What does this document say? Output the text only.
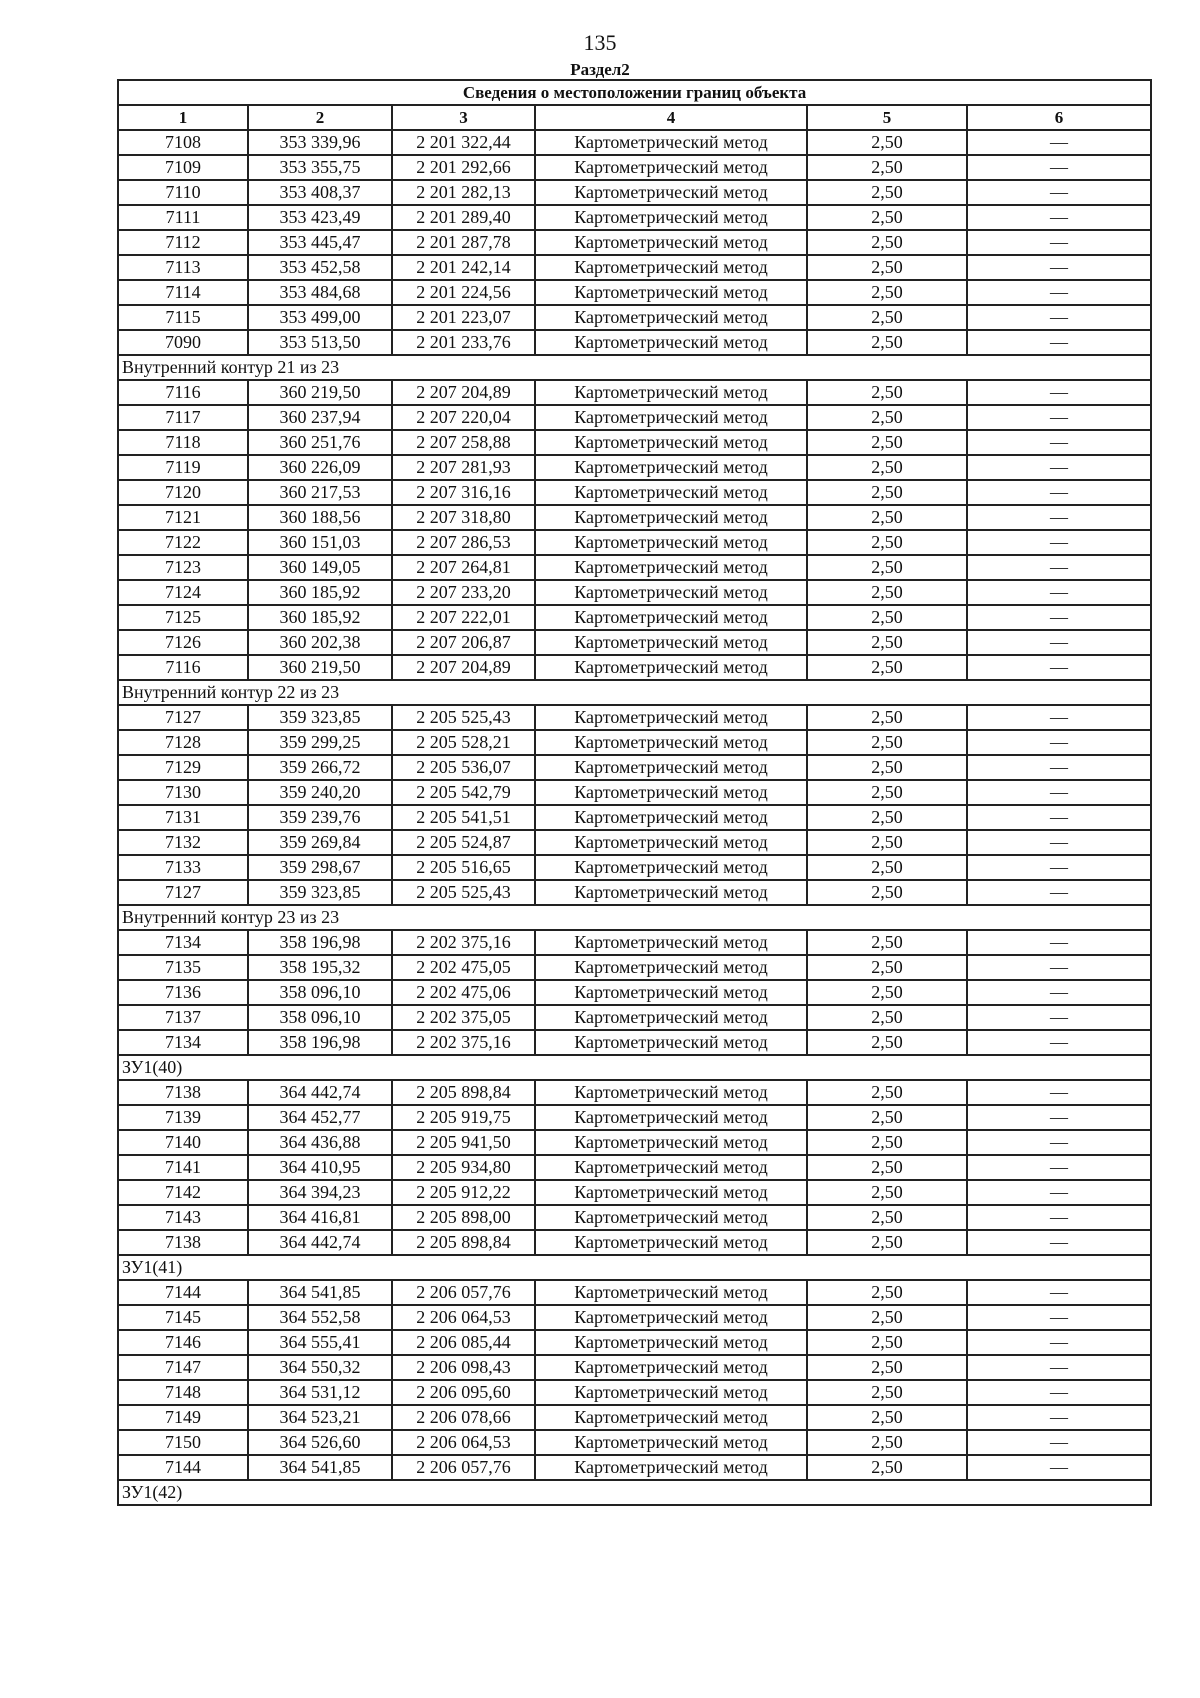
135
Раздел2
Сведения о местоположении границ объекта					
1	2	3	4	5	6
7108	353 339,96	2 201 322,44	Картометрический метод	2,50	—
7109	353 355,75	2 201 292,66	Картометрический метод	2,50	—
7110	353 408,37	2 201 282,13	Картометрический метод	2,50	—
7111	353 423,49	2 201 289,40	Картометрический метод	2,50	—
7112	353 445,47	2 201 287,78	Картометрический метод	2,50	—
7113	353 452,58	2 201 242,14	Картометрический метод	2,50	—
7114	353 484,68	2 201 224,56	Картометрический метод	2,50	—
7115	353 499,00	2 201 223,07	Картометрический метод	2,50	—
7090	353 513,50	2 201 233,76	Картометрический метод	2,50	—
Внутренний контур 21 из 23					
7116	360 219,50	2 207 204,89	Картометрический метод	2,50	—
7117	360 237,94	2 207 220,04	Картометрический метод	2,50	—
7118	360 251,76	2 207 258,88	Картометрический метод	2,50	—
7119	360 226,09	2 207 281,93	Картометрический метод	2,50	—
7120	360 217,53	2 207 316,16	Картометрический метод	2,50	—
7121	360 188,56	2 207 318,80	Картометрический метод	2,50	—
7122	360 151,03	2 207 286,53	Картометрический метод	2,50	—
7123	360 149,05	2 207 264,81	Картометрический метод	2,50	—
7124	360 185,92	2 207 233,20	Картометрический метод	2,50	—
7125	360 185,92	2 207 222,01	Картометрический метод	2,50	—
7126	360 202,38	2 207 206,87	Картометрический метод	2,50	—
7116	360 219,50	2 207 204,89	Картометрический метод	2,50	—
Внутренний контур 22 из 23					
7127	359 323,85	2 205 525,43	Картометрический метод	2,50	—
7128	359 299,25	2 205 528,21	Картометрический метод	2,50	—
7129	359 266,72	2 205 536,07	Картометрический метод	2,50	—
7130	359 240,20	2 205 542,79	Картометрический метод	2,50	—
7131	359 239,76	2 205 541,51	Картометрический метод	2,50	—
7132	359 269,84	2 205 524,87	Картометрический метод	2,50	—
7133	359 298,67	2 205 516,65	Картометрический метод	2,50	—
7127	359 323,85	2 205 525,43	Картометрический метод	2,50	—
Внутренний контур 23 из 23					
7134	358 196,98	2 202 375,16	Картометрический метод	2,50	—
7135	358 195,32	2 202 475,05	Картометрический метод	2,50	—
7136	358 096,10	2 202 475,06	Картометрический метод	2,50	—
7137	358 096,10	2 202 375,05	Картометрический метод	2,50	—
7134	358 196,98	2 202 375,16	Картометрический метод	2,50	—
ЗУ1(40)					
7138	364 442,74	2 205 898,84	Картометрический метод	2,50	—
7139	364 452,77	2 205 919,75	Картометрический метод	2,50	—
7140	364 436,88	2 205 941,50	Картометрический метод	2,50	—
7141	364 410,95	2 205 934,80	Картометрический метод	2,50	—
7142	364 394,23	2 205 912,22	Картометрический метод	2,50	—
7143	364 416,81	2 205 898,00	Картометрический метод	2,50	—
7138	364 442,74	2 205 898,84	Картометрический метод	2,50	—
ЗУ1(41)					
7144	364 541,85	2 206 057,76	Картометрический метод	2,50	—
7145	364 552,58	2 206 064,53	Картометрический метод	2,50	—
7146	364 555,41	2 206 085,44	Картометрический метод	2,50	—
7147	364 550,32	2 206 098,43	Картометрический метод	2,50	—
7148	364 531,12	2 206 095,60	Картометрический метод	2,50	—
7149	364 523,21	2 206 078,66	Картометрический метод	2,50	—
7150	364 526,60	2 206 064,53	Картометрический метод	2,50	—
7144	364 541,85	2 206 057,76	Картометрический метод	2,50	—
ЗУ1(42)					
